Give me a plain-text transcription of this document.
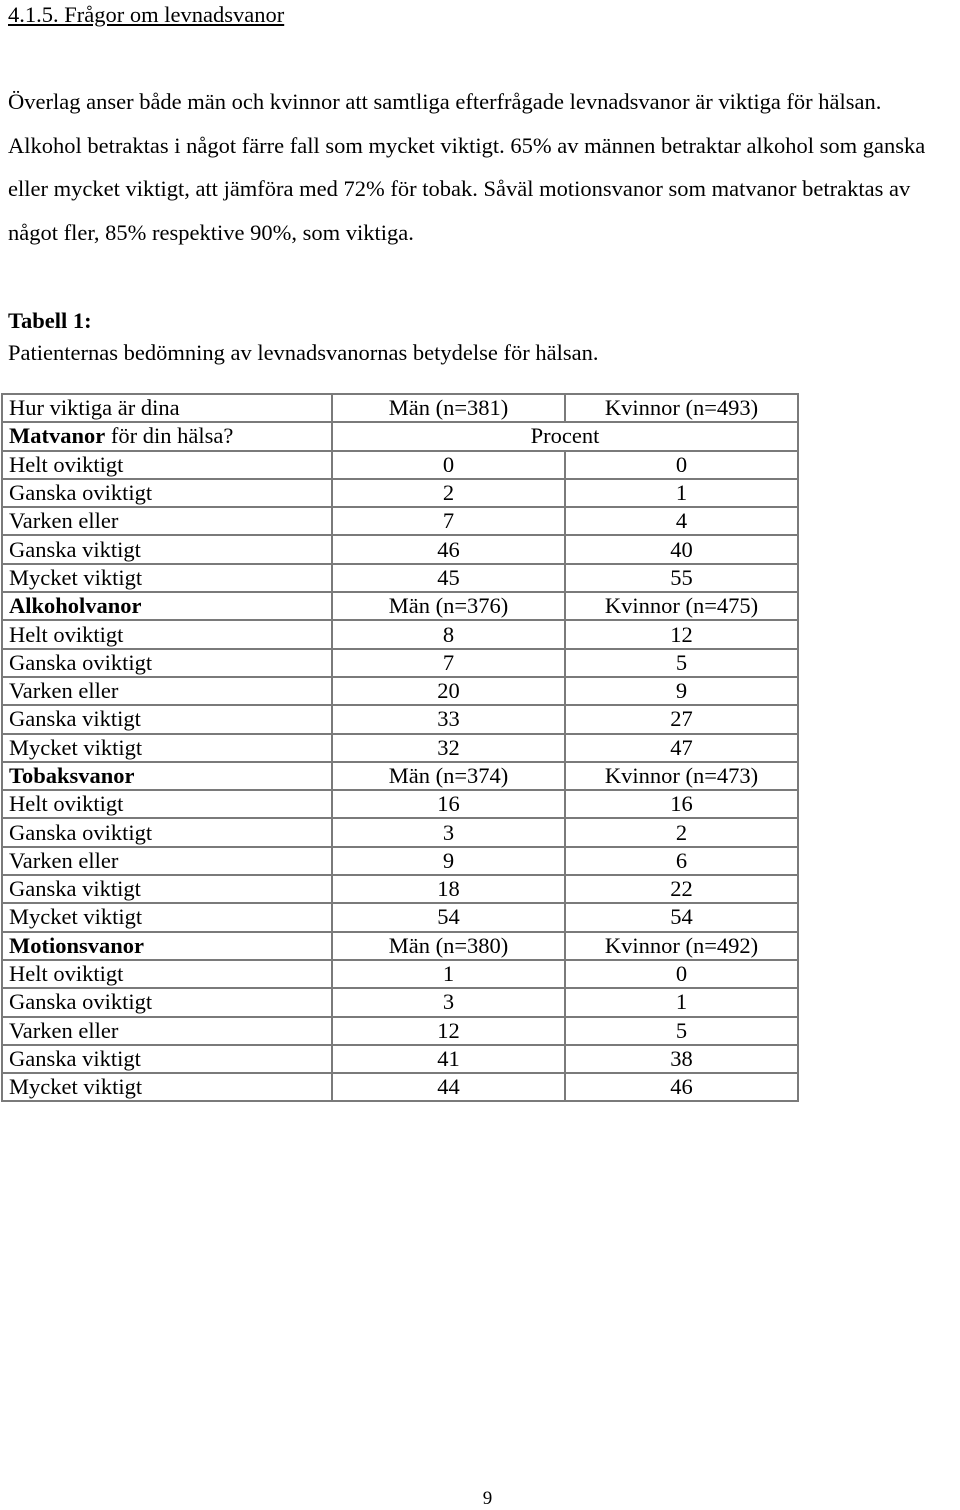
4.1.5. Frågor om levnadsvanor
Överlag anser både män och kvinnor att samtliga efterfrågade levnadsvanor är viktiga för hälsan. Alkohol betraktas i något färre fall som mycket viktigt. 65% av männen betraktar alkohol som ganska eller mycket viktigt, att jämföra med 72% för tobak. Såväl motionsvanor som matvanor betraktas av något fler, 85% respektive 90%, som viktiga.
Tabell 1:
Patienternas bedömning av levnadsvanornas betydelse för hälsan.
Hur viktiga är dina	Män (n=381)	Kvinnor (n=493)
Matvanor för din hälsa?	Procent	
Helt oviktigt	0	0
Ganska oviktigt	2	1
Varken eller	7	4
Ganska viktigt	46	40
Mycket viktigt	45	55
Alkoholvanor	Män (n=376)	Kvinnor (n=475)
Helt oviktigt	8	12
Ganska oviktigt	7	5
Varken eller	20	9
Ganska viktigt	33	27
Mycket viktigt	32	47
Tobaksvanor	Män (n=374)	Kvinnor (n=473)
Helt oviktigt	16	16
Ganska oviktigt	3	2
Varken eller	9	6
Ganska viktigt	18	22
Mycket viktigt	54	54
Motionsvanor	Män (n=380)	Kvinnor (n=492)
Helt oviktigt	1	0
Ganska oviktigt	3	1
Varken eller	12	5
Ganska viktigt	41	38
Mycket viktigt	44	46
9
